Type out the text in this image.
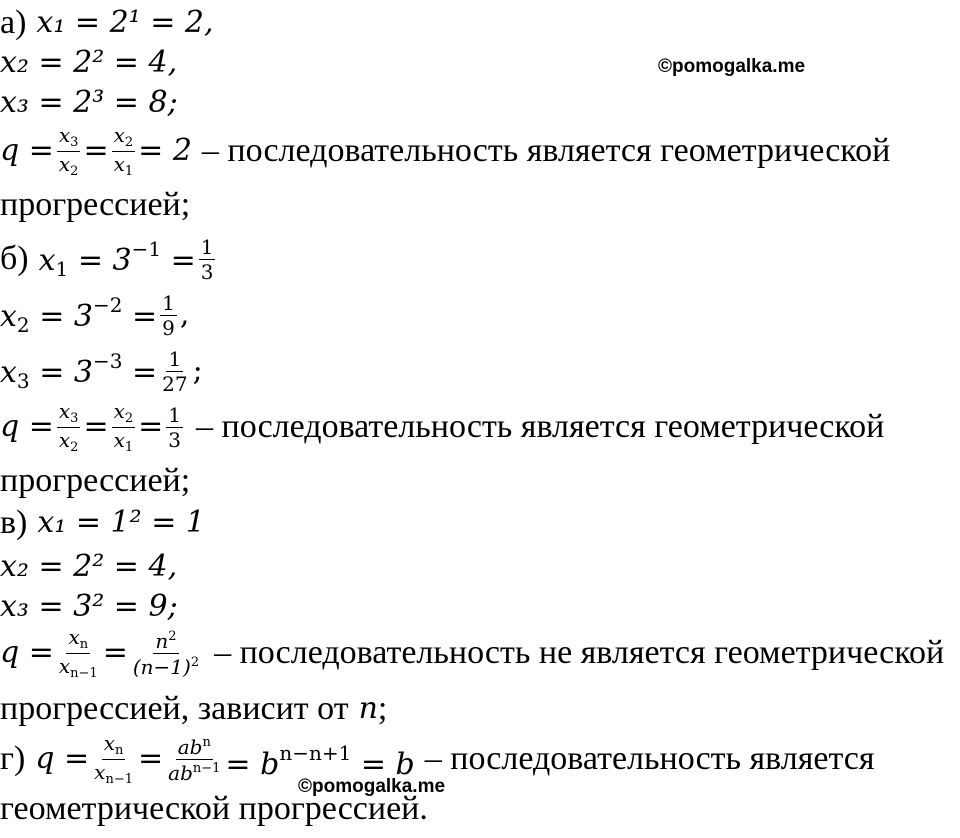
©pomogalka.me
а) x₁ = 2¹ = 2,
x₂ = 2² = 4,
x₃ = 2³ = 8;
$q = \frac{x_3}{x_2} = \frac{x_2}{x_1} = 2$ – последовательность является геометрической
прогрессией;
б) $x_1 = 3^{-1} = \frac{1}{3}$
$x_2 = 3^{-2} = \frac{1}{9}$ ,
$x_3 = 3^{-3} = \frac{1}{27}$ ;
$q = \frac{x_3}{x_2} = \frac{x_2}{x_1} = \frac{1}{3}$ – последовательность является геометрической
прогрессией;
в) x₁ = 1² = 1
x₂ = 2² = 4,
x₃ = 3² = 9;
$q = \frac{x_n}{x_{n-1}} = \frac{n^2}{(n-1)^2}$ – последовательность не является геометрической
прогрессией, зависит от n ;
г) $q = \frac{x_n}{x_{n-1}} = \frac{ab^n}{ab^{n-1}} = b^{n-n+1} = b$ – последовательность является
©pomogalka.me
геометрической прогрессией.
